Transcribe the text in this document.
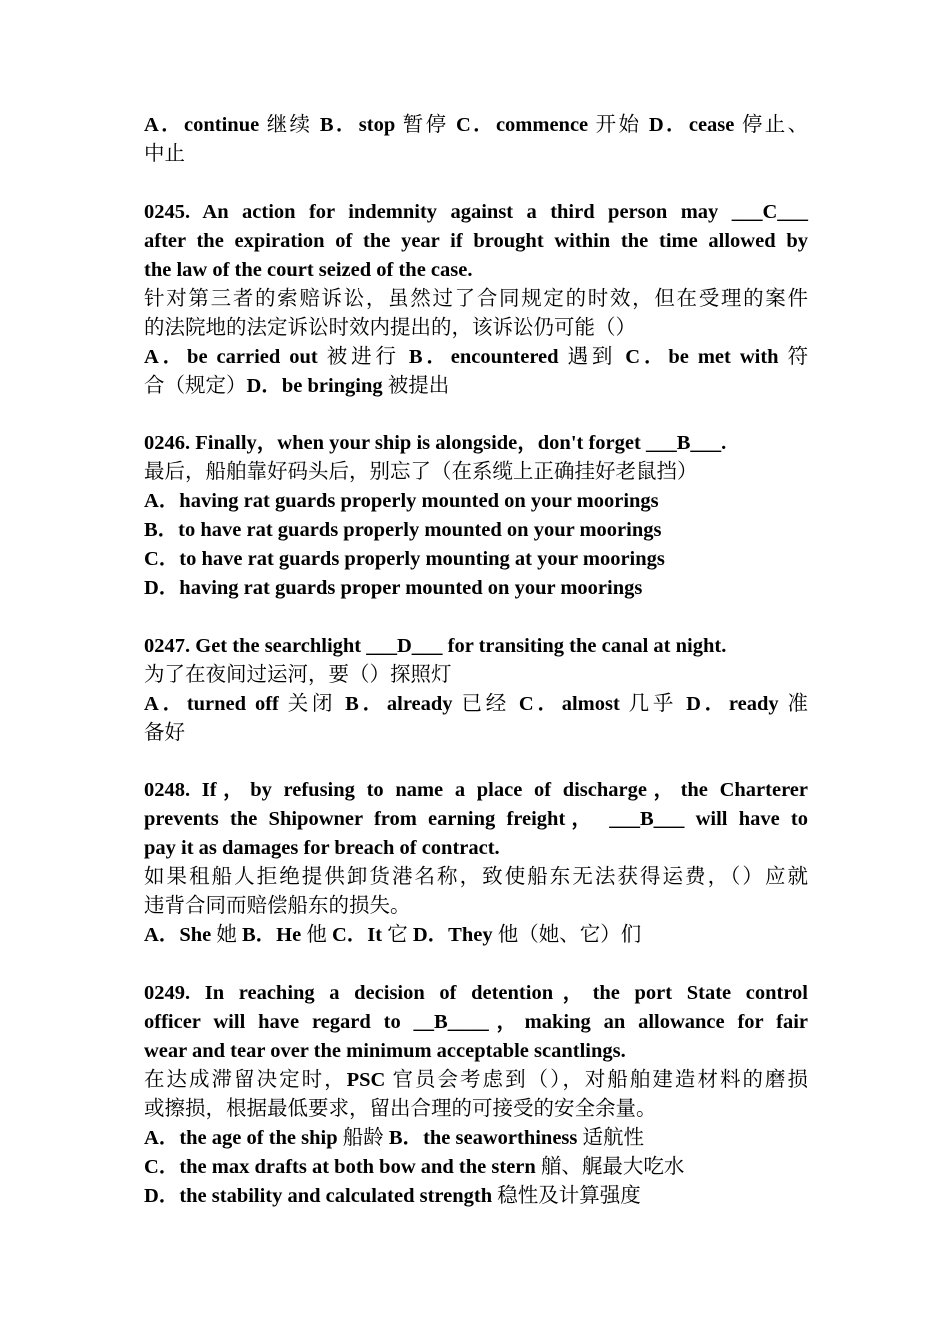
A．continue 继续 B．stop 暂停 C．commence 开始 D．cease 停止、
中止
0245. An action for indemnity against a third person may ___C___
after the expiration of the year if brought within the time allowed by
the law of the court seized of the case.
针对第三者的索赔诉讼，虽然过了合同规定的时效，但在受理的案件
的法院地的法定诉讼时效内提出的，该诉讼仍可能（）
A．be carried out 被进行 B．encountered 遇到 C．be met with 符
合（规定）D．be bringing 被提出
0246. Finally，when your ship is alongside，don't forget ___B___.
最后，船舶靠好码头后，别忘了（在系缆上正确挂好老鼠挡）
A．having rat guards properly mounted on your moorings
B．to have rat guards properly mounted on your moorings
C．to have rat guards properly mounting at your moorings
D．having rat guards proper mounted on your moorings
0247. Get the searchlight ___D___ for transiting the canal at night.
为了在夜间过运河，要（）探照灯
A．turned off 关闭 B．already 已经 C．almost 几乎 D．ready 准
备好
0248. If，by refusing to name a place of discharge，the Charterer
prevents the Shipowner from earning freight， ___B___ will have to
pay it as damages for breach of contract.
如果租船人拒绝提供卸货港名称，致使船东无法获得运费，（）应就
违背合同而赔偿船东的损失。
A．She 她 B．He 他 C．It 它 D．They 他（她、它）们
0249. In reaching a decision of detention，the port State control
officer will have regard to __B____，making an allowance for fair
wear and tear over the minimum acceptable scantlings.
在达成滞留决定时，PSC 官员会考虑到（），对船舶建造材料的磨损
或擦损，根据最低要求，留出合理的可接受的安全余量。
A．the age of the ship 船龄 B．the seaworthiness 适航性
C．the max drafts at both bow and the stern 艏、艉最大吃水
D．the stability and calculated strength 稳性及计算强度
